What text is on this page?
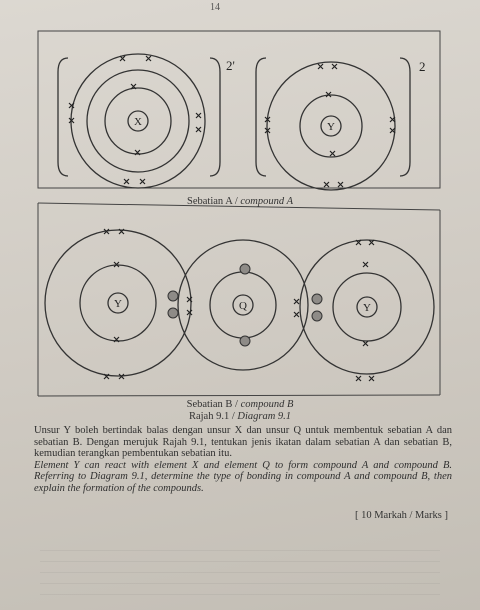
14
X
2'
Y
2
Y	Q	Y
Sebatian A / compound A
Sebatian B / compound B
Rajah 9.1 / Diagram 9.1

Unsur Y boleh bertindak balas dengan unsur X dan unsur Q untuk membentuk sebatian A dan sebatian B. Dengan merujuk Rajah 9.1, tentukan jenis ikatan dalam sebatian A dan sebatian B, kemudian terangkan pembentukan sebatian itu.

Element Y can react with element X and element Q to form compound A and compound B. Referring to Diagram 9.1, determine the type of bonding in compound A and compound B, then explain the formation of the compounds.

[ 10 Markah / Marks ]
